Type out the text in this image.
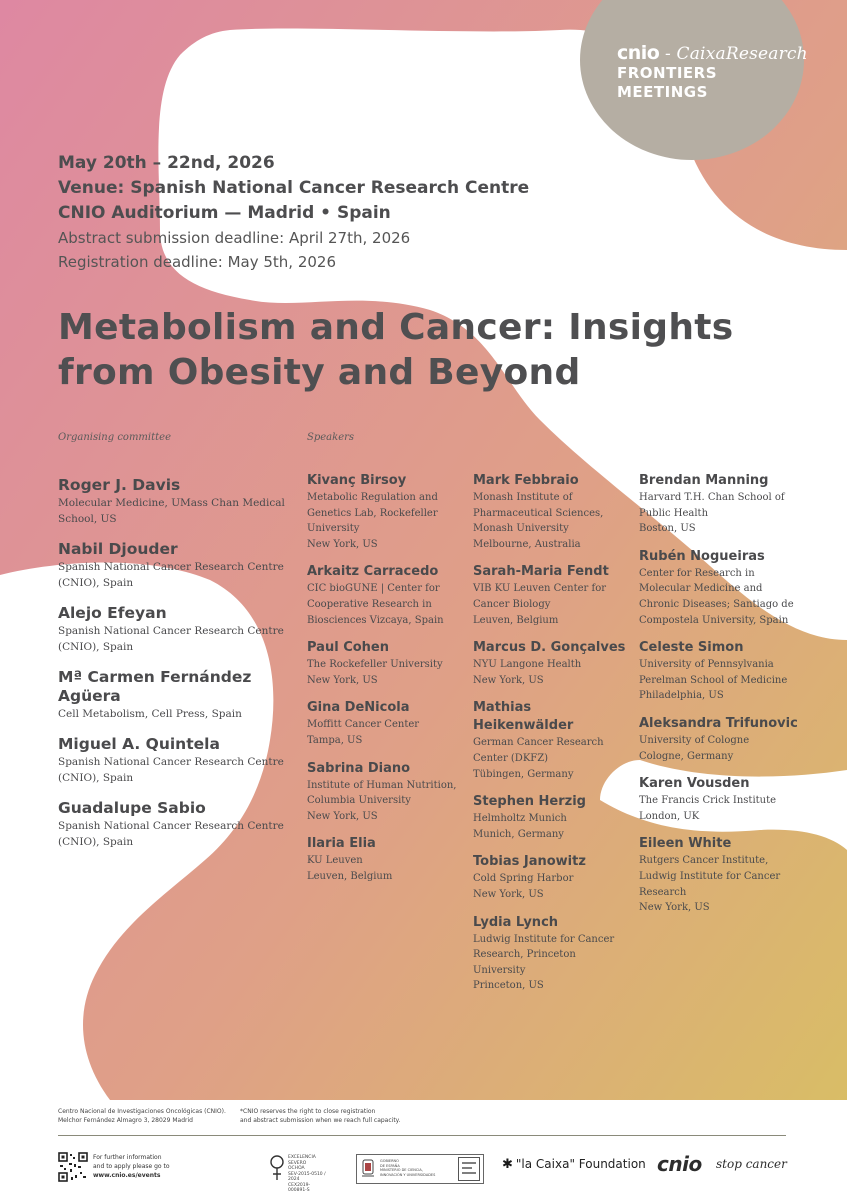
cnio - CaixaResearch
FRONTIERS
MEETINGS
May 20th – 22nd, 2026
Venue: Spanish National Cancer Research Centre
CNIO Auditorium — Madrid • Spain
Abstract submission deadline: April 27th, 2026
Registration deadline: May 5th, 2026
Metabolism and Cancer: Insights
from Obesity and Beyond
Organising committee	Speakers
Roger J. Davis
Molecular Medicine, UMass Chan Medical
School, US
Nabil Djouder
Spanish National Cancer Research Centre
(CNIO), Spain
Alejo Efeyan
Spanish National Cancer Research Centre
(CNIO), Spain
Mª Carmen Fernández
Agüera
Cell Metabolism, Cell Press, Spain
Miguel A. Quintela
Spanish National Cancer Research Centre
(CNIO), Spain
Guadalupe Sabio
Spanish National Cancer Research Centre
(CNIO), Spain
Kivanç Birsoy
Metabolic Regulation and
Genetics Lab, Rockefeller
University
New York, US
Arkaitz Carracedo
CIC bioGUNE | Center for
Cooperative Research in
Biosciences Vizcaya, Spain
Paul Cohen
The Rockefeller University
New York, US
Gina DeNicola
Moffitt Cancer Center
Tampa, US
Sabrina Diano
Institute of Human Nutrition,
Columbia University
New York, US
Ilaria Elia
KU Leuven
Leuven, Belgium
Mark Febbraio
Monash Institute of
Pharmaceutical Sciences,
Monash University
Melbourne, Australia
Sarah-Maria Fendt
VIB KU Leuven Center for
Cancer Biology
Leuven, Belgium
Marcus D. Gonçalves
NYU Langone Health
New York, US
Mathias Heikenwälder
German Cancer Research
Center (DKFZ)
Tübingen, Germany
Stephen Herzig
Helmholtz Munich
Munich, Germany
Tobias Janowitz
Cold Spring Harbor
New York, US
Lydia Lynch
Ludwig Institute for Cancer
Research, Princeton
University
Princeton, US
Brendan Manning
Harvard T.H. Chan School of
Public Health
Boston, US
Rubén Nogueiras
Center for Research in
Molecular Medicine and
Chronic Diseases; Santiago de
Compostela University, Spain
Celeste Simon
University of Pennsylvania
Perelman School of Medicine
Philadelphia, US
Aleksandra Trifunovic
University of Cologne
Cologne, Germany
Karen Vousden
The Francis Crick Institute
London, UK
Eileen White
Rutgers Cancer Institute,
Ludwig Institute for Cancer
Research
New York, US
Centro Nacional de Investigaciones Oncológicas (CNIO).
Melchor Fernández Almagro 3, 28029 Madrid
*CNIO reserves the right to close registration
and abstract submission when we reach full capacity.
For further information
and to apply please go to
www.cnio.es/events
EXCELENCIA
SEVERO
OCHOA
SEV-2015-0510 / 2024
CEX2019-000891-S
GOBIERNO
DE ESPAÑA
MINISTERIO DE CIENCIA,
INNOVACIÓN Y UNIVERSIDADES
✱ "la Caixa" Foundation cnio stop cancer
